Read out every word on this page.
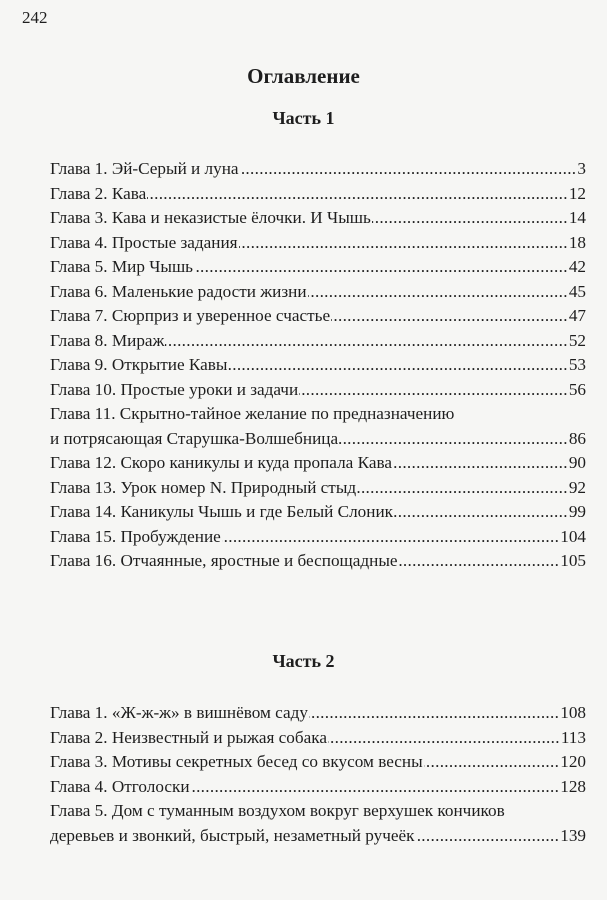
242
Оглавление
Часть 1
Глава 1. Эй-Серый и луна .....	3
Глава 2. Кава .....	12
Глава 3. Кава и неказистые ёлочки. И Чышь .....	14
Глава 4. Простые задания .....	18
Глава 5. Мир Чышь .....	42
Глава 6. Маленькие радости жизни .....	45
Глава 7. Сюрприз и уверенное счастье .....	47
Глава 8. Мираж .....	52
Глава 9. Открытие Кавы .....	53
Глава 10. Простые уроки и задачи .....	56
Глава 11. Скрытно-тайное желание по предназначению
и потрясающая Старушка-Волшебница .....	86
Глава 12. Скоро каникулы и куда пропала Кава .....	90
Глава 13. Урок номер N. Природный стыд .....	92
Глава 14. Каникулы Чышь и где Белый Слоник .....	99
Глава 15. Пробуждение .....	104
Глава 16. Отчаянные, яростные и беспощадные .....	105
Часть 2
Глава 1. «Ж-ж-ж» в вишнёвом саду .....	108
Глава 2. Неизвестный и рыжая собака .....	113
Глава 3. Мотивы секретных бесед со вкусом весны .....	120
Глава 4. Отголоски .....	128
Глава 5. Дом с туманным воздухом вокруг верхушек кончиков
деревьев и звонкий, быстрый, незаметный ручеёк .....	139
